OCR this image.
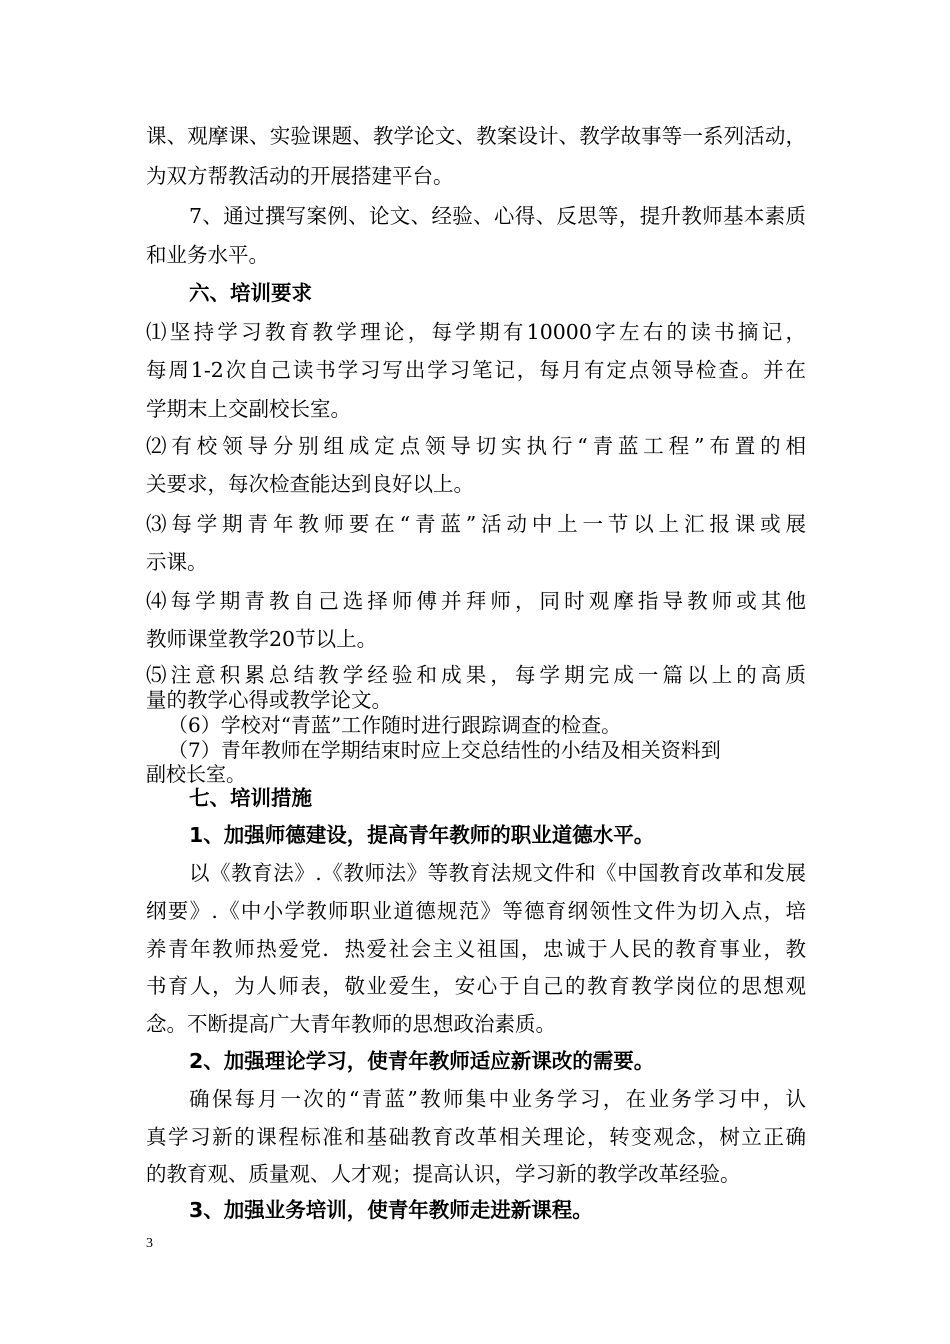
课、观摩课、实验课题、教学论文、教案设计、教学故事等一系列活动，
为双方帮教活动的开展搭建平台。
7、通过撰写案例、论文、经验、心得、反思等，提升教师基本素质
和业务水平。
六、培训要求
⑴坚持学习教育教学理论，每学期有10000字左右的读书摘记，
每周1-2次自己读书学习写出学习笔记，每月有定点领导检查。并在
学期末上交副校长室。
⑵有校领导分别组成定点领导切实执行“青蓝工程”布置的相
关要求，每次检查能达到良好以上。
⑶每学期青年教师要在“青蓝”活动中上一节以上汇报课或展
示课。
⑷每学期青教自己选择师傅并拜师，同时观摩指导教师或其他
教师课堂教学20节以上。
⑸注意积累总结教学经验和成果，每学期完成一篇以上的高质
量的教学心得或教学论文。
（6）学校对“青蓝”工作随时进行跟踪调查的检查。
（7）青年教师在学期结束时应上交总结性的小结及相关资料到
副校长室。
七、培训措施
1、加强师德建设，提高青年教师的职业道德水平。
以《教育法》.《教师法》等教育法规文件和《中国教育改革和发展
纲要》.《中小学教师职业道德规范》等德育纲领性文件为切入点，培
养青年教师热爱党．热爱社会主义祖国，忠诚于人民的教育事业，教
书育人，为人师表，敬业爱生，安心于自己的教育教学岗位的思想观
念。不断提高广大青年教师的思想政治素质。
2、加强理论学习，使青年教师适应新课改的需要。
确保每月一次的“青蓝”教师集中业务学习，在业务学习中，认
真学习新的课程标准和基础教育改革相关理论，转变观念，树立正确
的教育观、质量观、人才观；提高认识，学习新的教学改革经验。
3、加强业务培训，使青年教师走进新课程。
3
